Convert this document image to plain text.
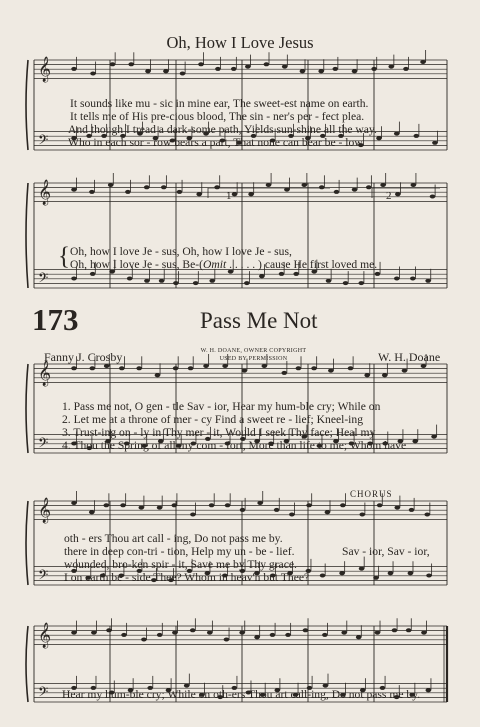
𝄞
𝄢
𝄞
𝄢
𝄞
𝄢
𝄞
𝄢
𝄞
𝄢
Oh, How I Love Jesus
It sounds like mu - sic in mine ear, The sweet-est name on earth.
It tells me of His pre-cious blood, The sin - ner's per - fect plea.
And though I tread a dark-some path, Yields sun-shine all the way.
Who in each sor - row bears a part, That none can bear be - low.
1	2
{ Oh, how I love Je - sus, Oh, how I love Je - sus,
Oh, how I love Je - sus, Be-(Omit . . . . . ) cause He first loved me.
173	Pass Me Not
W. H. DOANE, OWNER COPYRIGHT
USED BY PERMISSION
Fanny J. Crosby	W. H. Doane
1. Pass me not, O gen - tle Sav - ior, Hear my hum-ble cry; While on
2. Let me at a throne of mer - cy Find a sweet re - lief; Kneel-ing
3. Trust-ing on - ly in Thy mer - it, Would I seek Thy face; Heal my
4. Thou the Spring of all my com - fort, More than life to me; Whom have
CHORUS
oth - ers Thou art call - ing, Do not pass me by.
there in deep con-tri - tion, Help my un - be - lief.	Sav - ior, Sav - ior,
wounded, bro-ken spir - it, Save me by Thy grace.
I on earth be - side Thee? Whom in heav'n but Thee?
Hear my hum-ble cry; While on oth-ers Thou art call-ing, Do not pass me by.
